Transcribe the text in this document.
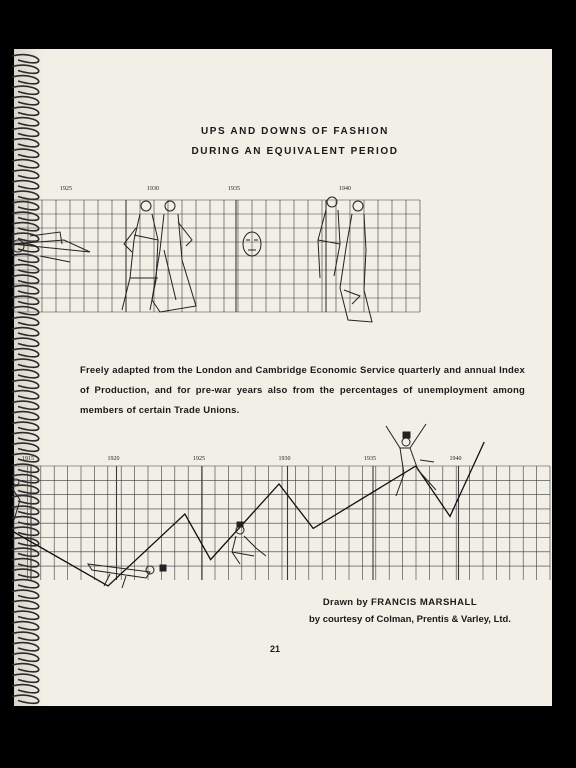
UPS AND DOWNS OF FASHION
DURING AN EQUIVALENT PERIOD
1925	1930	1935	1940
Freely adapted from the London and Cambridge Economic Service quarterly and annual Index of Production, and for pre-war years also from the percentages of unemployment among members of certain Trade Unions.
1915	1920	1925	1930	1935	1940
Drawn by FRANCIS MARSHALL
by courtesy of Colman, Prentis & Varley, Ltd.
21
